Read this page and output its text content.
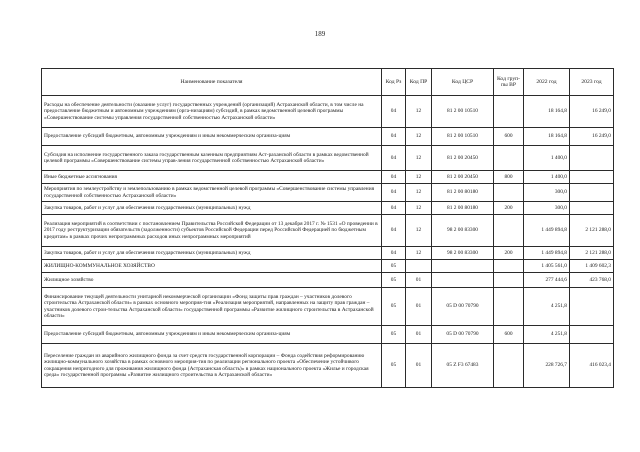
189
Наименование показателя	Код Рз	Код ПР	Код ЦСР	Код груп-пы ВР	2022 год	2023 год
Расходы на обеспечение деятельности (оказание услуг) государственных учреждений (организаций) Астраханской области, в том числе на предоставление бюджетным и автономным учреждениям (орга-низациям) субсидий, в рамках ведомственной целевой программы «Совершенствование системы управления государственной собственностью Астраханской области»	04	12	81 2 00 10510		18 164,8	16 249,0
Предоставление субсидий бюджетным, автономным учреждениям и иным некоммерческим организа-циям	04	12	81 2 00 10510	600	18 164,8	16 249,0
Субсидия на исполнение государственного заказа государственным казенным предприятиям Аст-раханской области в рамках ведомственной целевой программы «Совершенствование системы управ-ления государственной собственностью Астраханской области»	04	12	81 2 00 20450		1 400,0	
Иные бюджетные ассигнования	04	12	81 2 00 20450	800	1 400,0	
Мероприятия по землеустройству и землепользованию в рамках ведомственной целевой программы «Совершенствование системы управления государственной собственностью Астраханской области»	04	12	81 2 00 80180		300,0	
Закупка товаров, работ и услуг для обеспечения государственных (муниципальных) нужд	04	12	81 2 00 80180	200	300,0	
Реализация мероприятий в соответствии с постановлением Правительства Российской Федерации от 13 декабря 2017 г. № 1531 «О проведении в 2017 году реструктуризации обязательств (задолженности) субъектов Российской Федерации перед Российской Федерацией по бюджетным кредитам» в рамках прочих непрограммных расходов иных непрограммных мероприятий	04	12	98 2 00 83300		1 449 894,8	2 121 288,0
Закупка товаров, работ и услуг для обеспечения государственных (муниципальных) нужд	04	12	98 2 00 83300	200	1 449 894,8	2 121 288,0
ЖИЛИЩНО-КОММУНАЛЬНОЕ ХОЗЯЙСТВО	05				1 405 561,0	1 409 602,3
Жилищное хозяйство	05	01			277 444,6	423 768,0
Финансирование текущей деятельности унитарной некоммерческой организации «Фонд защиты прав граждан – участников долевого строительства Астраханской области» в рамках основного мероприя-тия «Реализация мероприятий, направленных на защиту прав граждан – участников долевого строи-тельства Астраханской области» государственной программы «Развитие жилищного строительства в Астраханской области»	05	01	05 D 00 70790		4 251,8	
Предоставление субсидий бюджетным, автономным учреждениям и иным некоммерческим организа-циям	05	01	05 D 00 70790	600	4 251,8	
Переселение граждан из аварийного жилищного фонда за счет средств государственной корпорации – Фонда содействия реформированию жилищно-коммунального хозяйства в рамках основного мероприя-тия по реализации регионального проекта «Обеспечение устойчивого сокращения непригодного для проживания жилищного фонда (Астраханская область)» в рамках национального проекта «Жилье и городская среда» государственной программы «Развитие жилищного строительства в Астраханской области»	05	01	05 Z F3 67483		228 726,7	416 023,4
